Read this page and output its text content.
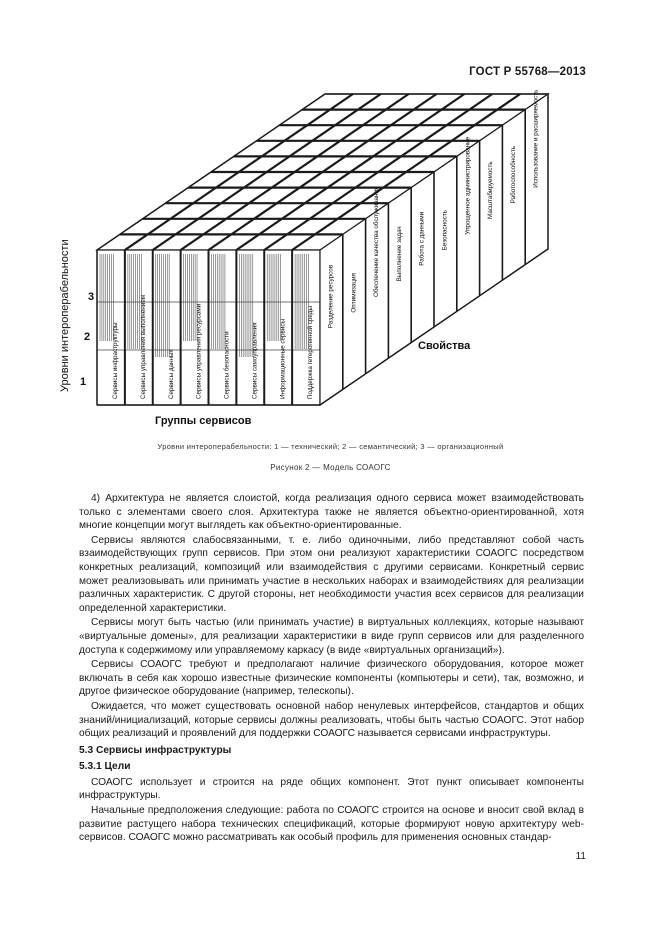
ГОСТ Р 55768—2013
Сервисы инфраструктуры	Сервисы управления выполнением	Сервисы данных	Сервисы управления ресурсами	Сервисы безопасности	Сервисы самоуправления	Информационные сервисы	Поддержка гетерогенной среды
Разделение ресурсов	Оптимизация	Обеспечение качества обслуживания	Выполнение задач	Работа с данными	Безопасность	Упрощенное администрирование	Масштабируемость	Работоспособность	Использование и расширяемость
Группы сервисов
Свойства
Уровни интероперабельности 1
2
3
Уровни интероперабельности: 1 — технический; 2 — семантический; 3 — организационный
Рисунок 2 — Модель СОАОГС

4) Архитектура не является слоистой, когда реализация одного сервиса может взаимодействовать только с элементами своего слоя. Архитектура также не является объектно-ориентированной, хотя многие концепции могут выглядеть как объектно-ориентированные.

Сервисы являются слабосвязанными, т. е. либо одиночными, либо представляют собой часть взаимодействующих групп сервисов. При этом они реализуют характеристики СОАОГС посредством конкретных реализаций, композиций или взаимодействия с другими сервисами. Конкретный сервис может реализовывать или принимать участие в нескольких наборах и взаимодействиях для реализации различных характеристик. С другой стороны, нет необходимости участия всех сервисов для реализации определенной характеристики.

Сервисы могут быть частью (или принимать участие) в виртуальных коллекциях, которые называют «виртуальные домены», для реализации характеристики в виде групп сервисов или для разделенного доступа к содержимому или управляемому каркасу (в виде «виртуальных организаций»).

Сервисы СОАОГС требуют и предполагают наличие физического оборудования, которое может включать в себя как хорошо известные физические компоненты (компьютеры и сети), так, возможно, и другое физическое оборудование (например, телескопы).

Ожидается, что может существовать основной набор ненулевых интерфейсов, стандартов и общих знаний/инициализаций, которые сервисы должны реализовать, чтобы быть частью СОАОГС. Этот набор общих реализаций и проявлений для поддержки СОАОГС называется сервисами инфраструктуры.

5.3 Сервисы инфраструктуры
5.3.1 Цели

СОАОГС использует и строится на ряде общих компонент. Этот пункт описывает компоненты инфраструктуры.

Начальные предположения следующие: работа по СОАОГС строится на основе и вносит свой вклад в развитие растущего набора технических спецификаций, которые формируют новую архитектуру web-сервисов. СОАОГС можно рассматривать как особый профиль для применения основных стандар-

11
